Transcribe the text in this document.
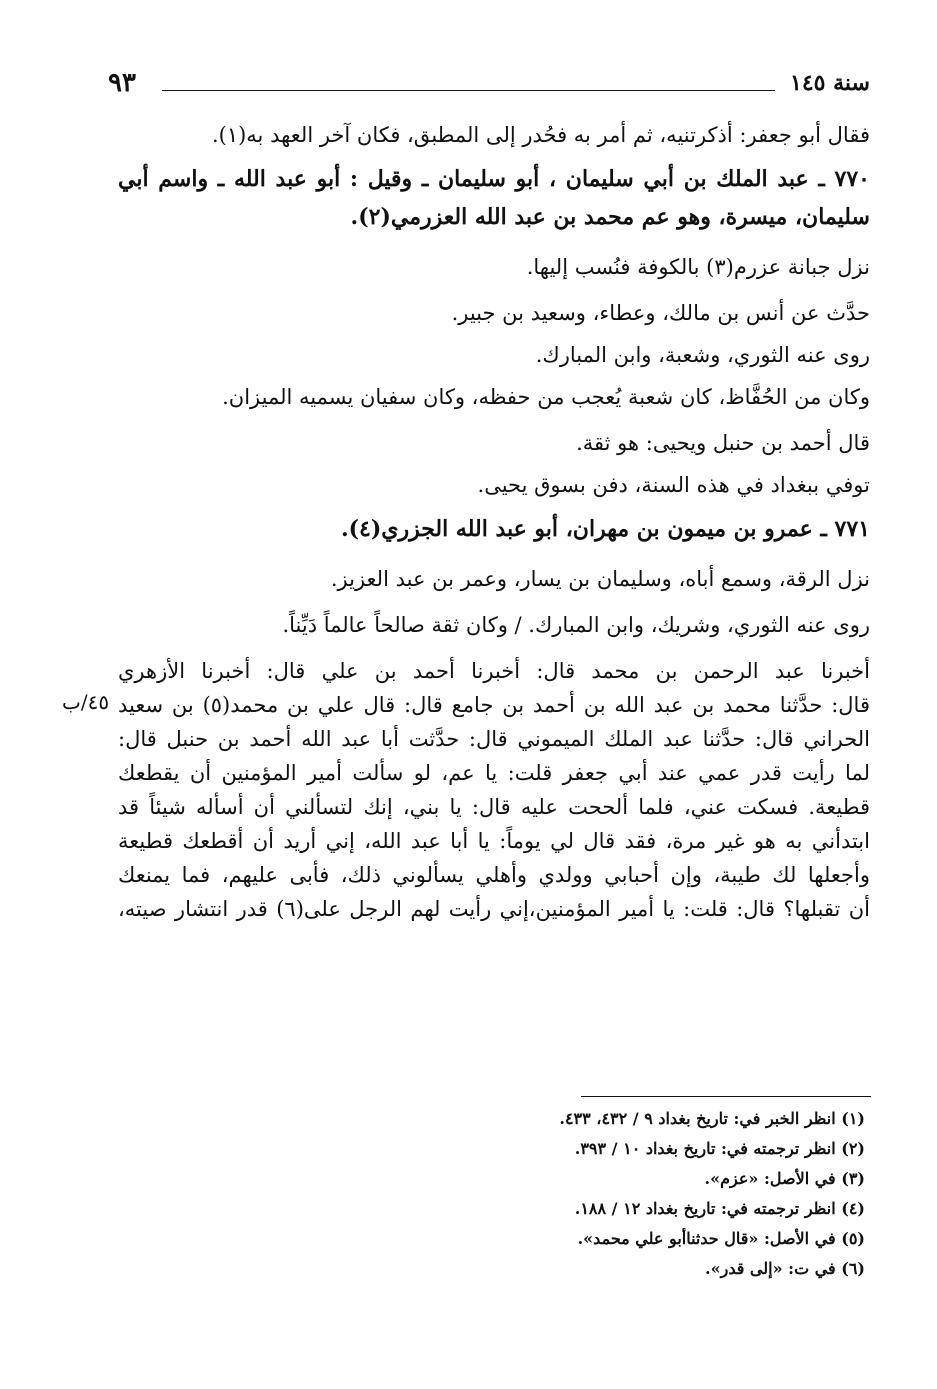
٩٣	سنة ١٤٥

فقال أبو جعفر: أذكرتنيه، ثم أمر به فحُدر إلى المطبق، فكان آخر العهد به(١).

٧٧٠ ـ عبد الملك بن أبي سليمان ، أبو سليمان ـ وقيل : أبو عبد الله ـ واسم أبي
سليمان، ميسرة، وهو عم محمد بن عبد الله العزرمي(٢).

نزل جبانة عزرم(٣) بالكوفة فنُسب إليها.

حدَّث عن أنس بن مالك، وعطاء، وسعيد بن جبير.

روى عنه الثوري، وشعبة، وابن المبارك.

وكان من الحُفَّاظ، كان شعبة يُعجب من حفظه، وكان سفيان يسميه الميزان.

قال أحمد بن حنبل ويحيى: هو ثقة.

توفي ببغداد في هذه السنة، دفن بسوق يحيى.

٧٧١ ـ عمرو بن ميمون بن مهران، أبو عبد الله الجزري(٤).

نزل الرقة، وسمع أباه، وسليمان بن يسار، وعمر بن عبد العزيز.

روى عنه الثوري، وشريك، وابن المبارك. / وكان ثقة صالحاً عالماً دَيِّناً.

أخبرنا عبد الرحمن بن محمد قال: أخبرنا أحمد بن علي قال: أخبرنا الأزهري

قال: حدَّثنا محمد بن عبد الله بن أحمد بن جامع قال: قال علي بن محمد(٥) بن سعيد

الحراني قال: حدَّثنا عبد الملك الميموني قال: حدَّثت أبا عبد الله أحمد بن حنبل قال:

لما رأيت قدر عمي عند أبي جعفر قلت: يا عم، لو سألت أمير المؤمنين أن يقطعك

قطيعة. فسكت عني، فلما ألححت عليه قال: يا بني، إنك لتسألني أن أسأله شيئاً قد

ابتدأني به هو غير مرة، فقد قال لي يوماً: يا أبا عبد الله، إني أريد أن أقطعك قطيعة

وأجعلها لك طيبة، وإن أحبابي وولدي وأهلي يسألوني ذلك، فأبى عليهم، فما يمنعك

أن تقبلها؟ قال: قلت: يا أمير المؤمنين،إني رأيت لهم الرجل على(٦) قدر انتشار صيته،

٤٥/ب

(١) انظر الخبر في: تاريخ بغداد ٩ / ٤٣٢، ٤٣٣.

(٢) انظر ترجمته في: تاريخ بغداد ١٠ / ٣٩٣.

(٣) في الأصل: «عزم».

(٤) انظر ترجمته في: تاريخ بغداد ١٢ / ١٨٨.

(٥) في الأصل: «قال حدثناأبو علي محمد».

(٦) في ت: «إلى قدر».
